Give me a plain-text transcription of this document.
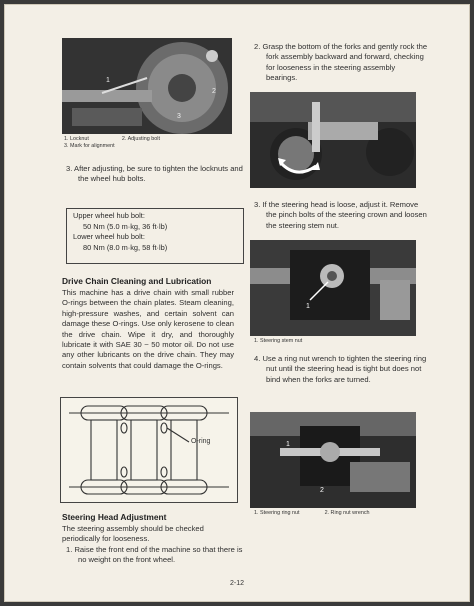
1
3
2
1. Locknut	2. Adjusting bolt
3. Mark for alignment
3. After adjusting, be sure to tighten the locknuts and the wheel hub bolts.
Upper wheel hub bolt:
50 Nm (5.0 m·kg, 36 ft·lb)
Lower wheel hub bolt:
80 Nm (8.0 m·kg, 58 ft·lb)
Drive Chain Cleaning and Lubrication
This machine has a drive chain with small rubber O-rings between the chain plates. Steam cleaning, high-pressure washes, and certain solvent can damage these O-rings. Use only kerosene to clean the drive chain. Wipe it dry, and thoroughly lubricate it with SAE 30 ~ 50 motor oil. Do not use any other lubricants on the drive chain. They may contain solvents that could damage the O-rings.
O-ring
Steering Head Adjustment
The steering assembly should be checked periodically for looseness.
1. Raise the front end of the machine so that there is no weight on the front wheel.
2. Grasp the bottom of the forks and gently rock the fork assembly backward and forward, checking for looseness in the steering assembly bearings.
3. If the steering head is loose, adjust it. Remove the pinch bolts of the steering crown and loosen the steering stem nut.
1
1. Steering stem nut
4. Use a ring nut wrench to tighten the steering ring nut until the steering head is tight but does not bind when the forks are turned.
1
2
1. Steering ring nut	2. Ring nut wrench
2-12
